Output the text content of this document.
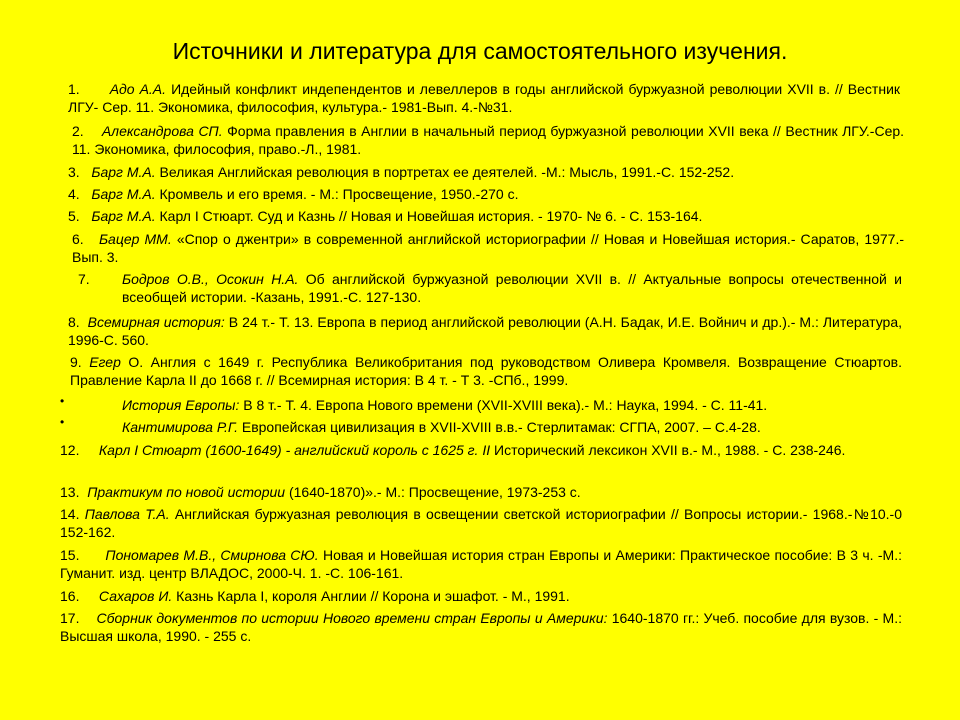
Источники и литература для самостоятельного изучения.
1. Адо А.А. Идейный конфликт индепендентов и левеллеров в годы английской буржуазной революции XVII в. // Вестник ЛГУ- Сер. 11. Экономика, философия, культура.- 1981-Вып. 4.-№31.
2. Александрова СП. Форма правления в Англии в начальный период буржуазной революции XVII века // Вестник ЛГУ.-Сер. 11. Экономика, философия, право.-Л., 1981.
3. Барг М.А. Великая Английская революция в портретах ее деятелей. -М.: Мысль, 1991.-С. 152-252.
4. Барг М.А. Кромвель и его время. - М.: Просвещение, 1950.-270 с.
5. Барг М.А. Карл I Стюарт. Суд и Казнь // Новая и Новейшая история. - 1970- № 6. - С. 153-164.
6. Бацер ММ. «Спор о джентри» в современной английской историографии // Новая и Новейшая история.- Саратов, 1977.-Вып. 3.
7.	Бодров О.В., Осокин Н.А. Об английской буржуазной революции XVII в. // Актуальные вопросы отечественной и всеобщей истории. -Казань, 1991.-С. 127-130.
8. Всемирная история: В 24 т.- Т. 13. Европа в период английской революции (А.Н. Бадак, И.Е. Войнич и др.).- М.: Литература, 1996-С. 560.
9. Егер О. Англия с 1649 г. Республика Великобритания под руководством Оливера Кромвеля. Возвращение Стюартов. Правление Карла II до 1668 г. // Всемирная история: В 4 т. - Т 3. -СПб., 1999.
•	История Европы: В 8 т.- Т. 4. Европа Нового времени (XVII-XVIII века).- М.: Наука, 1994. - С. 11-41.
•	Кантимирова Р.Г. Европейская цивилизация в XVII-XVIII в.в.- Стерлитамак: СГПА, 2007. – С.4-28.
12. Карл I Стюарт (1600-1649) - английский король с 1625 г. II Исторический лексикон XVII в.- М., 1988. - С. 238-246.
13. Практикум по новой истории (1640-1870)».- М.: Просвещение, 1973-253 с.
14. Павлова Т.А. Английская буржуазная революция в освещении светской историографии // Вопросы истории.- 1968.-№10.-0 152-162.
15. Пономарев М.В., Смирнова СЮ. Новая и Новейшая история стран Европы и Америки: Практическое пособие: В 3 ч. -М.: Гуманит. изд. центр ВЛАДОС, 2000-Ч. 1. -С. 106-161.
16. Сахаров И. Казнь Карла I, короля Англии // Корона и эшафот. - М., 1991.
17. Сборник документов по истории Нового времени стран Европы и Америки: 1640-1870 гг.: Учеб. пособие для вузов. - М.: Высшая школа, 1990. - 255 с.
